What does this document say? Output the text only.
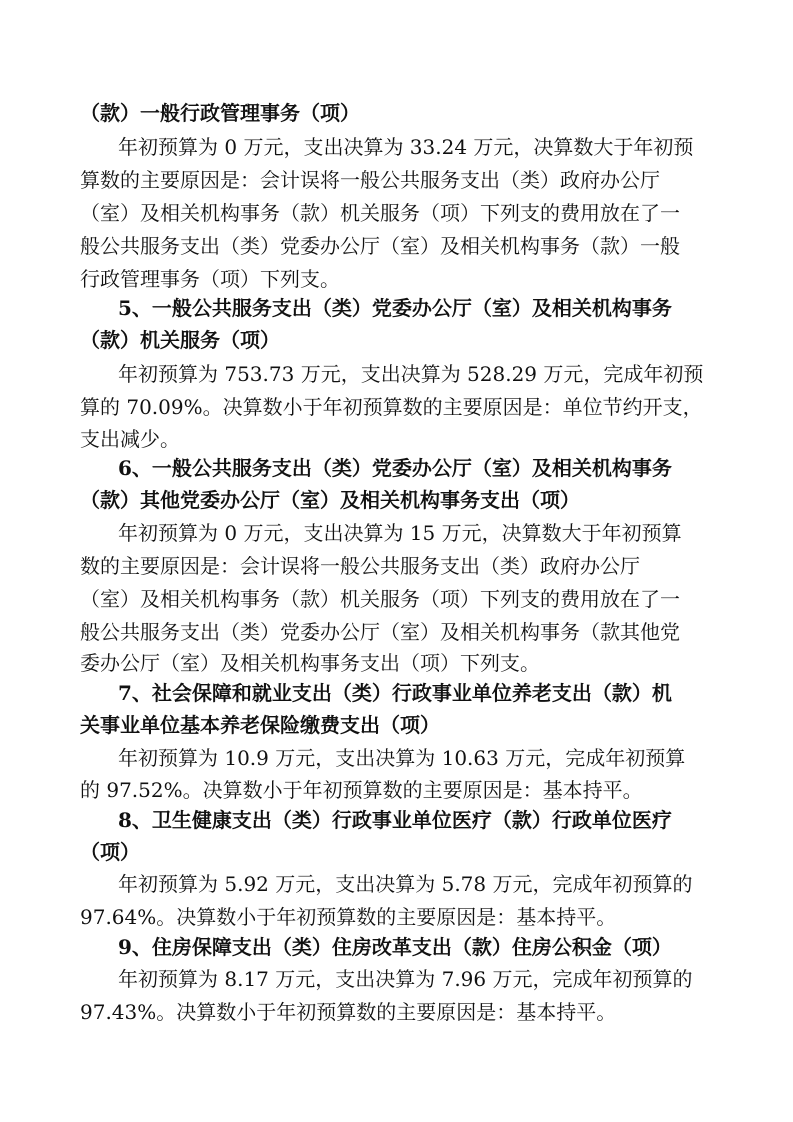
（款）一般行政管理事务（项）
年初预算为 0 万元，支出决算为 33.24 万元，决算数大于年初预
算数的主要原因是：会计误将一般公共服务支出（类）政府办公厅
（室）及相关机构事务（款）机关服务（项）下列支的费用放在了一
般公共服务支出（类）党委办公厅（室）及相关机构事务（款）一般
行政管理事务（项）下列支。
5、一般公共服务支出（类）党委办公厅（室）及相关机构事务
（款）机关服务（项）
年初预算为 753.73 万元，支出决算为 528.29 万元，完成年初预
算的 70.09%。决算数小于年初预算数的主要原因是：单位节约开支，
支出减少。
6、一般公共服务支出（类）党委办公厅（室）及相关机构事务
（款）其他党委办公厅（室）及相关机构事务支出（项）
年初预算为 0 万元，支出决算为 15 万元，决算数大于年初预算
数的主要原因是：会计误将一般公共服务支出（类）政府办公厅
（室）及相关机构事务（款）机关服务（项）下列支的费用放在了一
般公共服务支出（类）党委办公厅（室）及相关机构事务（款其他党
委办公厅（室）及相关机构事务支出（项）下列支。
7、社会保障和就业支出（类）行政事业单位养老支出（款）机
关事业单位基本养老保险缴费支出（项）
年初预算为 10.9 万元，支出决算为 10.63 万元，完成年初预算
的 97.52%。决算数小于年初预算数的主要原因是：基本持平。
8、卫生健康支出（类）行政事业单位医疗（款）行政单位医疗
（项）
年初预算为 5.92 万元，支出决算为 5.78 万元，完成年初预算的
97.64%。决算数小于年初预算数的主要原因是：基本持平。
9、住房保障支出（类）住房改革支出（款）住房公积金（项）
年初预算为 8.17 万元，支出决算为 7.96 万元，完成年初预算的
97.43%。决算数小于年初预算数的主要原因是：基本持平。
